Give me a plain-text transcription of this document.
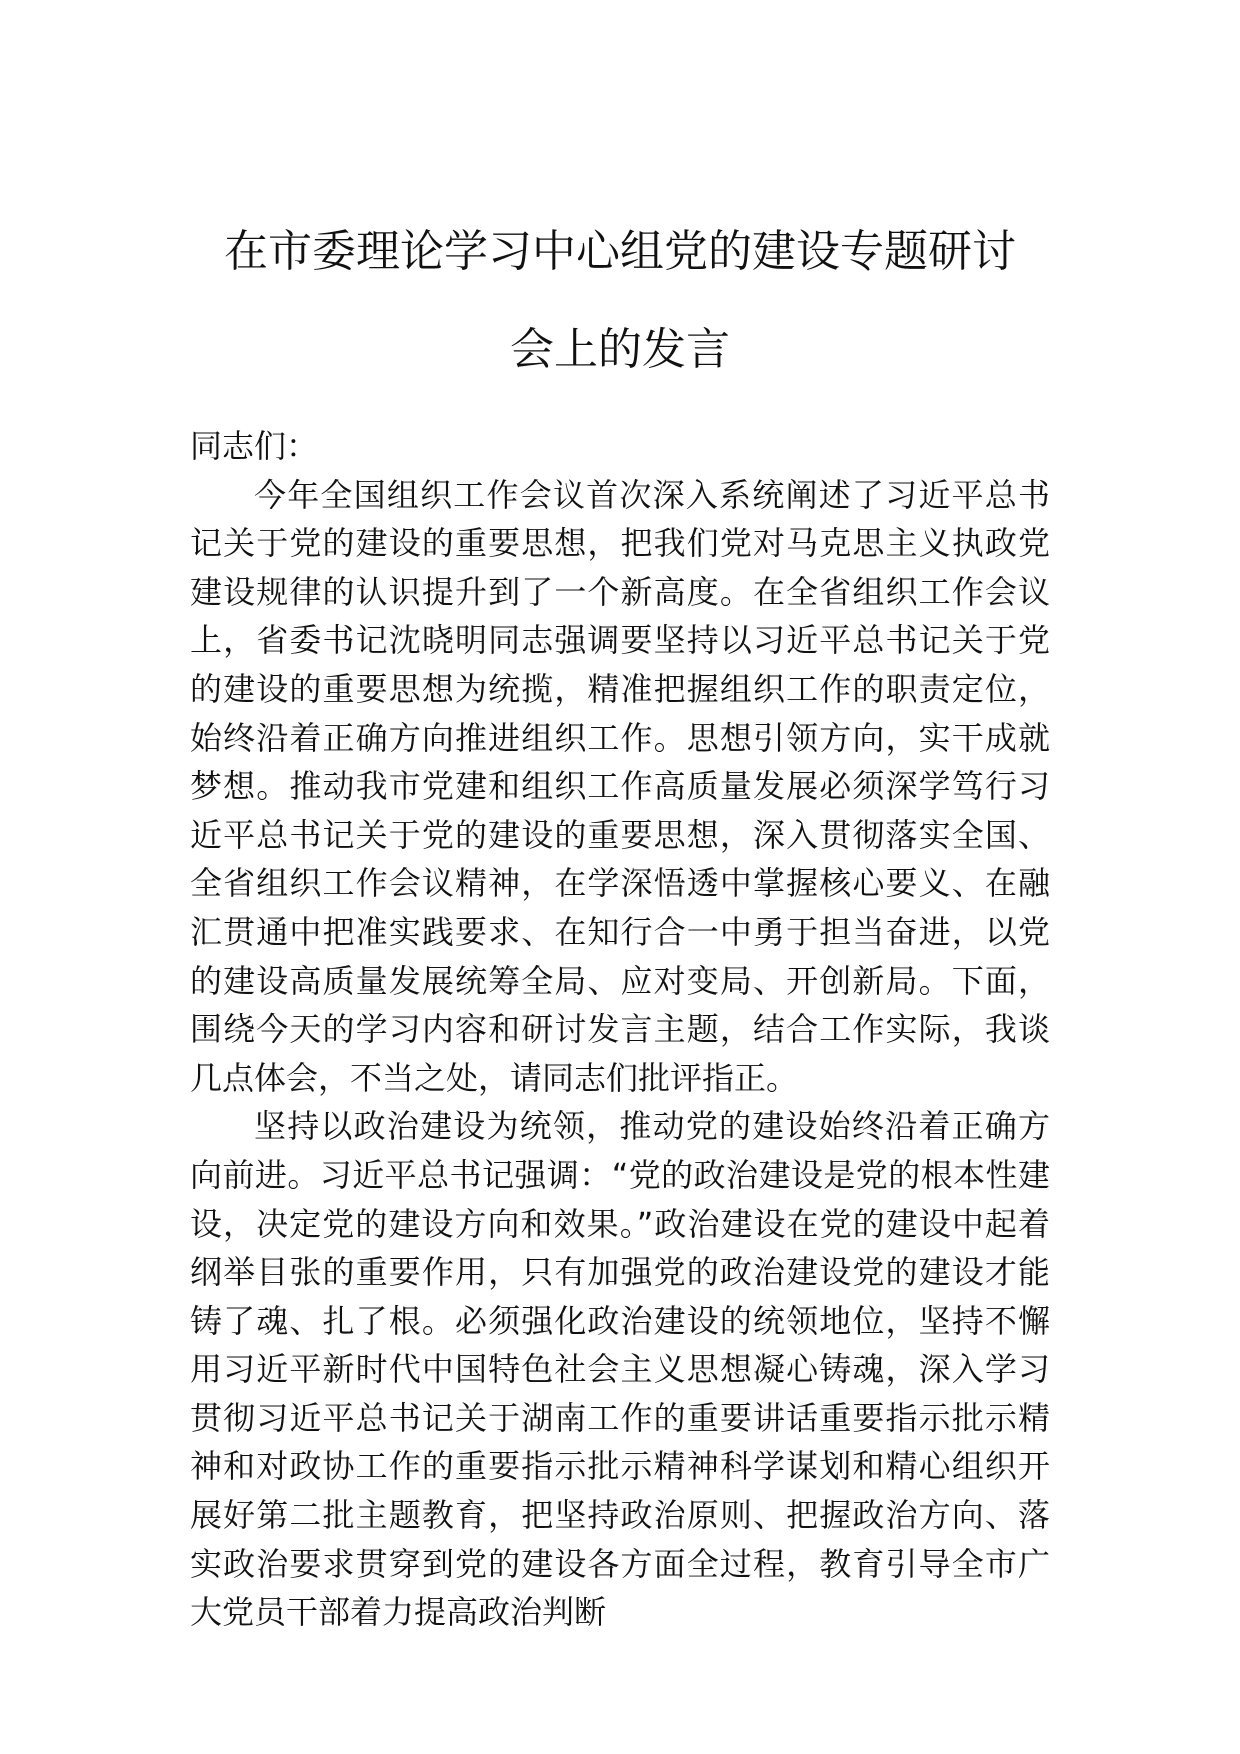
在市委理论学习中心组党的建设专题研讨
会上的发言

同志们：

今年全国组织工作会议首次深入系统阐述了习近平总书记关于党的建设的重要思想，把我们党对马克思主义执政党建设规律的认识提升到了一个新高度。在全省组织工作会议上，省委书记沈晓明同志强调要坚持以习近平总书记关于党的建设的重要思想为统揽，精准把握组织工作的职责定位，始终沿着正确方向推进组织工作。思想引领方向，实干成就梦想。推动我市党建和组织工作高质量发展必须深学笃行习近平总书记关于党的建设的重要思想，深入贯彻落实全国、全省组织工作会议精神，在学深悟透中掌握核心要义、在融汇贯通中把准实践要求、在知行合一中勇于担当奋进，以党的建设高质量发展统筹全局、应对变局、开创新局。下面，围绕今天的学习内容和研讨发言主题，结合工作实际，我谈几点体会，不当之处，请同志们批评指正。

坚持以政治建设为统领，推动党的建设始终沿着正确方向前进。习近平总书记强调：“党的政治建设是党的根本性建设，决定党的建设方向和效果。”政治建设在党的建设中起着纲举目张的重要作用，只有加强党的政治建设党的建设才能铸了魂、扎了根。必须强化政治建设的统领地位，坚持不懈用习近平新时代中国特色社会主义思想凝心铸魂，深入学习贯彻习近平总书记关于湖南工作的重要讲话重要指示批示精神和对政协工作的重要指示批示精神科学谋划和精心组织开展好第二批主题教育，把坚持政治原则、把握政治方向、落实政治要求贯穿到党的建设各方面全过程，教育引导全市广大党员干部着力提高政治判断
